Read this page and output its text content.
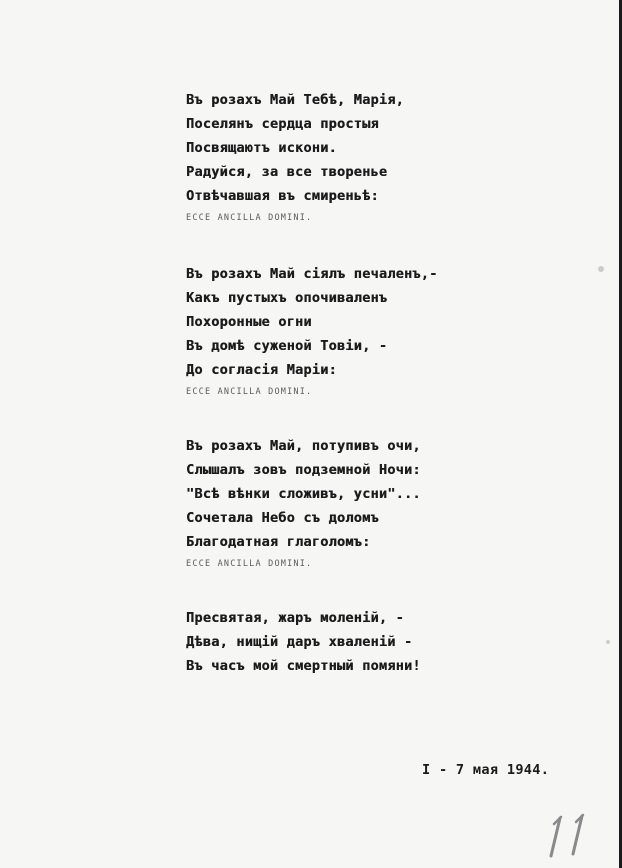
Въ розахъ Май Тебѣ, Марія,
Поселянъ сердца простыя
Посвящаютъ искони.
Радуйся, за все творенье
Отвѣчавшая въ смиреньѣ:
ECCE ANCILLA DOMINI.
Въ розахъ Май сіялъ печаленъ,-
Какъ пустыхъ опочиваленъ
Похоронные огни
Въ домѣ суженой Товіи, -
До согласія Маріи:
ECCE ANCILLA DOMINI.
Въ розахъ Май, потупивъ очи,
Слышалъ зовъ подземной Ночи:
"Всѣ вѣнки сложивъ, усни"...
Сочетала Небо съ доломъ
Благодатная глаголомъ:
ECCE ANCILLA DOMINI.
Пресвятая, жаръ моленій, -
Дѣва, нищій даръ хваленій -
Въ часъ мой смертный помяни!
I - 7 мая 1944.
